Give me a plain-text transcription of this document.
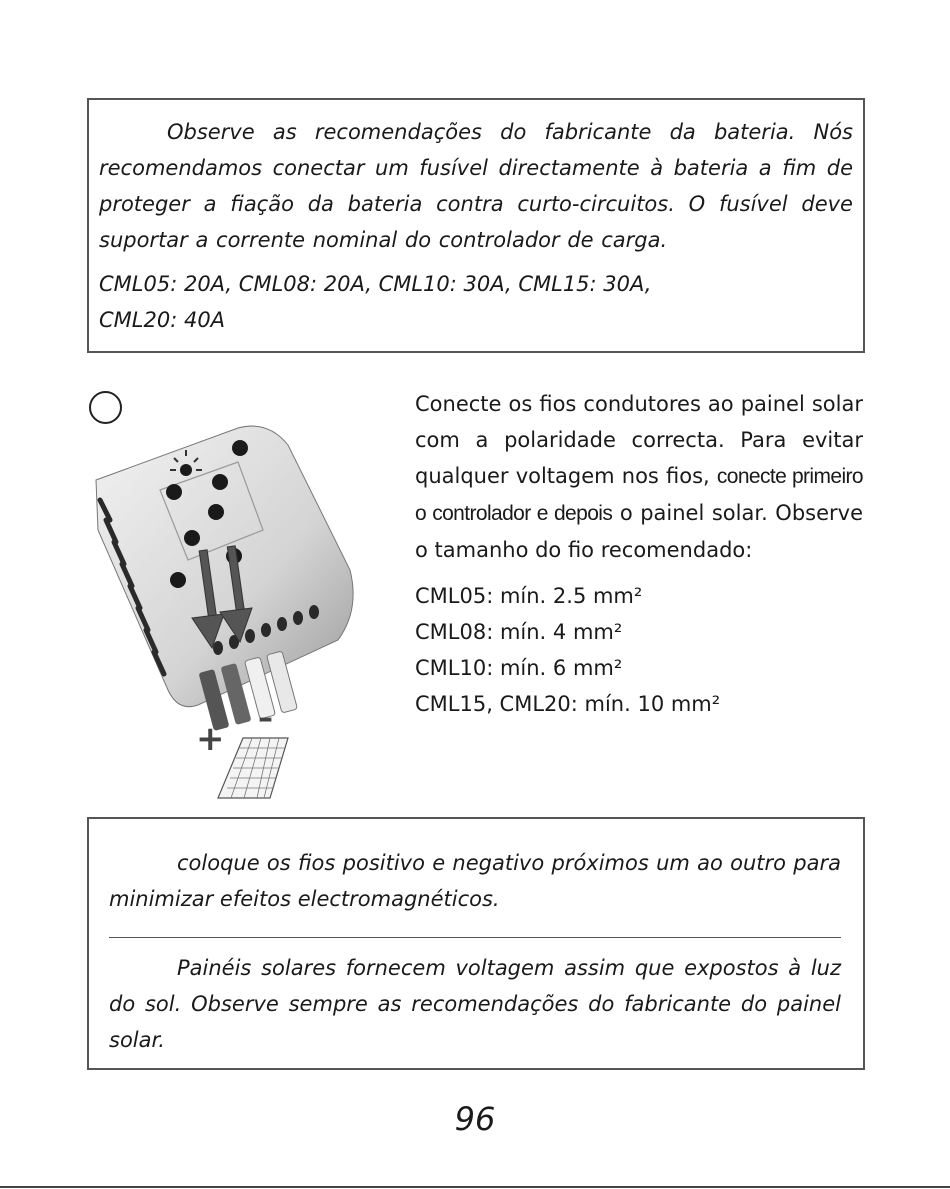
Observe as recomendações do fabricante da bateria. Nós recomendamos conectar um fusível directamente à bateria a fim de proteger a fiação da bateria contra curto-circuitos. O fusível deve suportar a corrente nominal do controlador de carga.

CML05: 20A, CML08: 20A, CML10: 30A, CML15: 30A,
CML20: 40A

+
–

Conecte os fios condutores ao painel solar com a polaridade correcta. Para evitar qualquer voltagem nos fios, conecte primeiro o controlador e depois o painel solar. Observe o tamanho do fio recomendado:

CML05: mín. 2.5 mm²
CML08: mín. 4 mm²
CML10: mín. 6 mm²
CML15, CML20: mín. 10 mm²

coloque os fios positivo e negativo próximos um ao outro para minimizar efeitos electromagnéticos.

Painéis solares fornecem voltagem assim que expostos à luz do sol. Observe sempre as recomendações do fabricante do painel solar.

96
